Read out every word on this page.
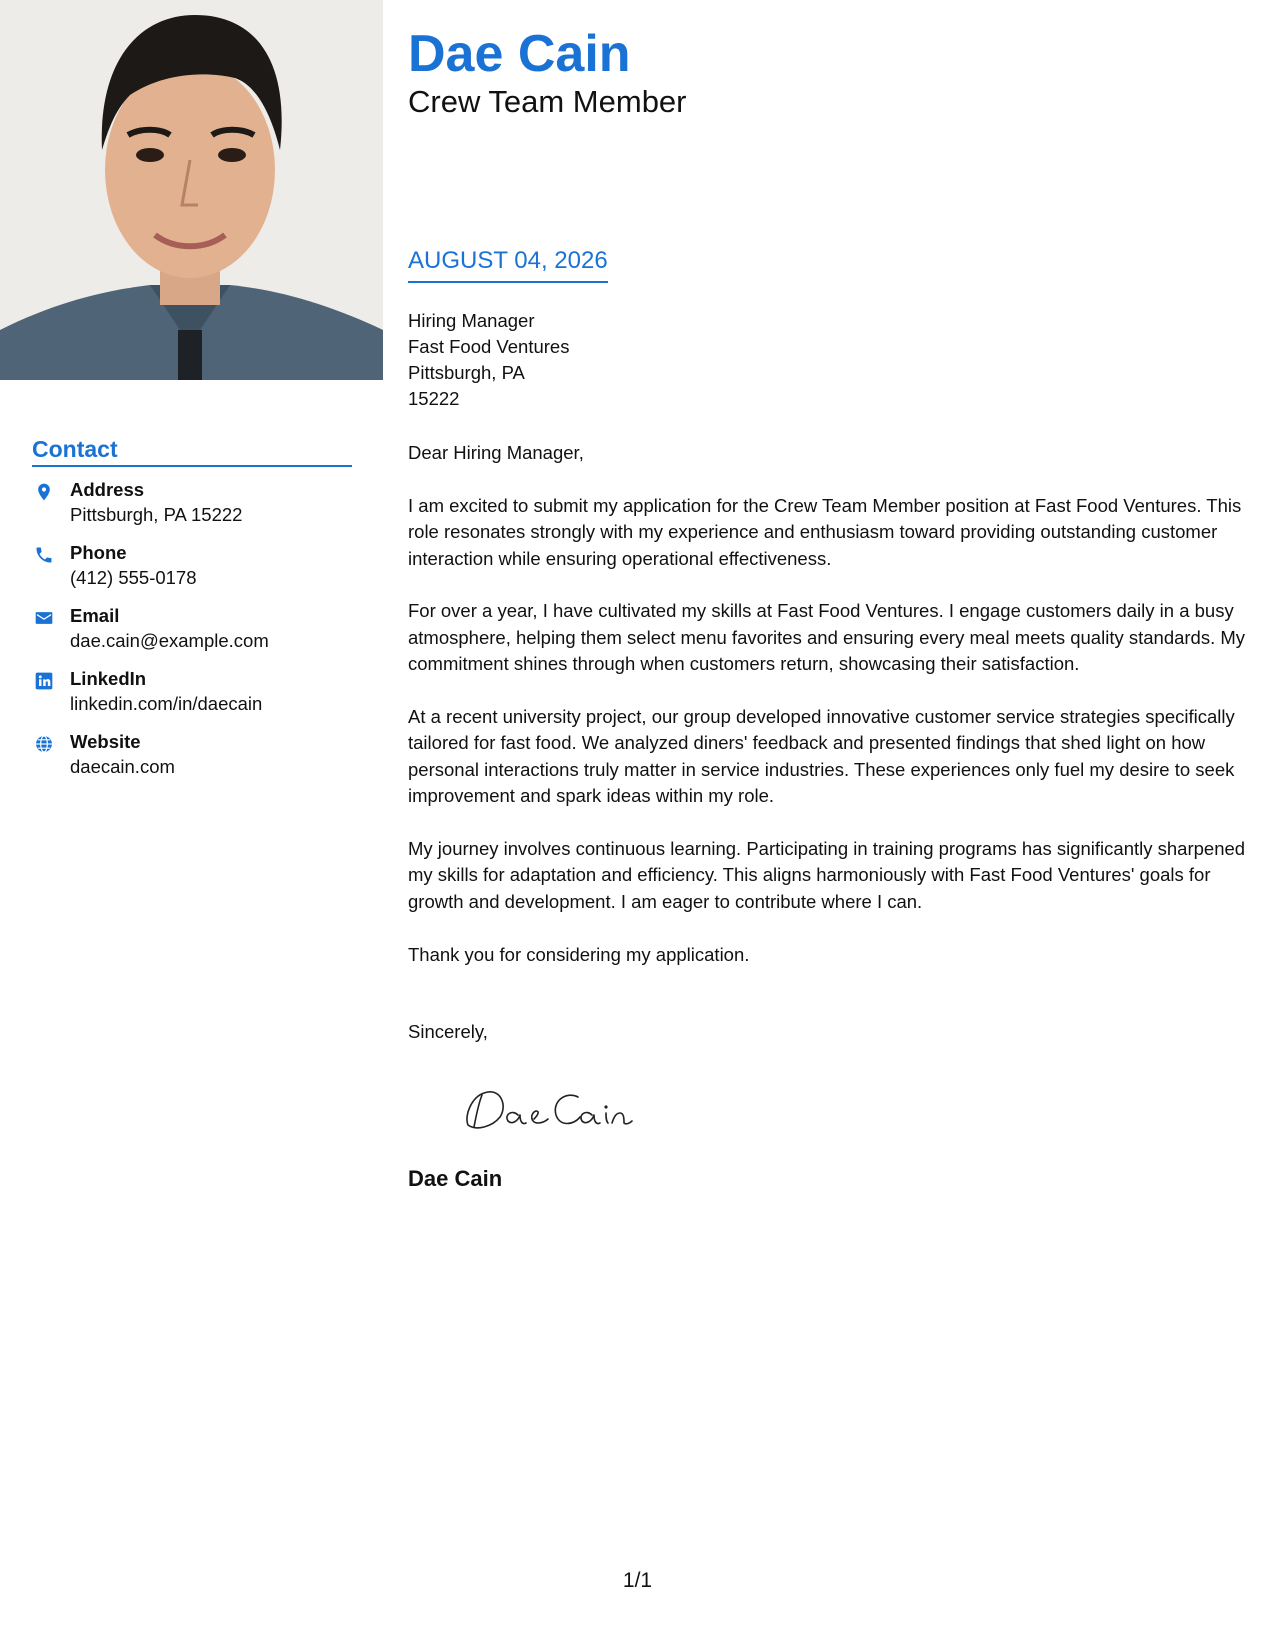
Contact
Address
Pittsburgh, PA 15222
Phone
(412) 555-0178
Email
dae.cain@example.com
LinkedIn
linkedin.com/in/daecain
Website
daecain.com
Dae Cain
Crew Team Member
AUGUST 04, 2026
Hiring Manager
Fast Food Ventures
Pittsburgh, PA
15222

Dear Hiring Manager,

I am excited to submit my application for the Crew Team Member position at Fast Food Ventures. This role resonates strongly with my experience and enthusiasm toward providing outstanding customer interaction while ensuring operational effectiveness.

For over a year, I have cultivated my skills at Fast Food Ventures. I engage customers daily in a busy atmosphere, helping them select menu favorites and ensuring every meal meets quality standards. My commitment shines through when customers return, showcasing their satisfaction.

At a recent university project, our group developed innovative customer service strategies specifically tailored for fast food. We analyzed diners' feedback and presented findings that shed light on how personal interactions truly matter in service industries. These experiences only fuel my desire to seek improvement and spark ideas within my role.

My journey involves continuous learning. Participating in training programs has significantly sharpened my skills for adaptation and efficiency. This aligns harmoniously with Fast Food Ventures' goals for growth and development. I am eager to contribute where I can.

Thank you for considering my application.

Sincerely,
Dae Cain
1/1
